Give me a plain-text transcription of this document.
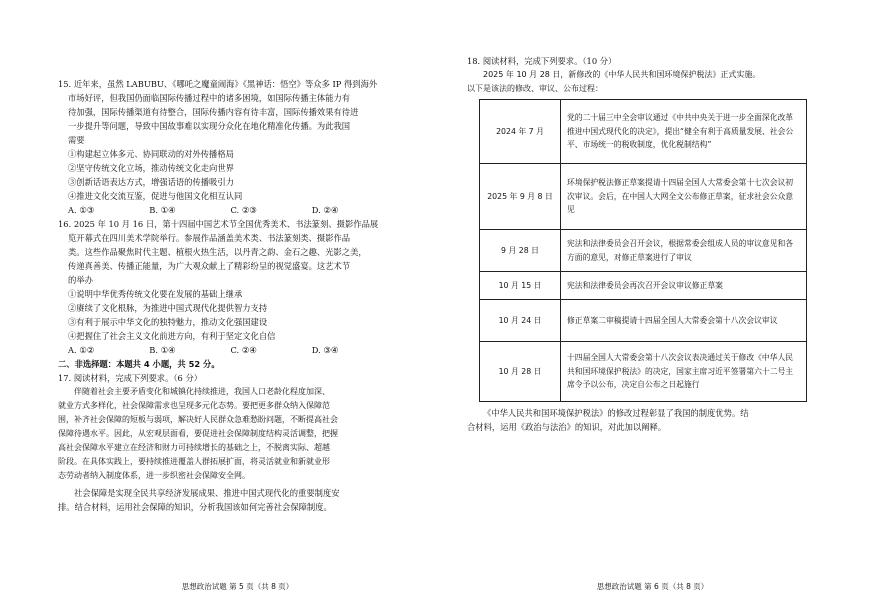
15. 近年来，虽然 LABUBU、《哪吒之魔童闹海》《黑神话：悟空》等众多 IP 得到海外
市场好评，但我国仍面临国际传播过程中的诸多困境，如国际传播主体能力有
待加强，国际传播渠道有待整合，国际传播内容有待丰富，国际传播效果有待进
一步提升等问题，导致中国故事难以实现分众化在地化精准化传播。为此我国
需要
①构建起立体多元、协同联动的对外传播格局
②坚守传统文化立场，推动传统文化走向世界
③创新话语表达方式，增强话语的传播吸引力
④推进文化交流互鉴，促进与他国文化相互认同
A. ①③	B. ①④	C. ②③	D. ②④
16. 2025 年 10 月 16 日，第十四届中国艺术节全国优秀美术、书法篆刻、摄影作品展
览开幕式在四川美术学院举行。参展作品涵盖美术类、书法篆刻类、摄影作品
类。这些作品聚焦时代主题、植根火热生活，以丹青之韵、金石之趣、光影之美，
传递真善美、传播正能量，为广大观众献上了精彩纷呈的视觉盛宴。这艺术节
的举办
①说明中华优秀传统文化要在发展的基础上继承
②赓续了文化根脉，为推进中国式现代化提供智力支持
③有利于展示中华文化的独特魅力，推动文化强国建设
④把握住了社会主义文化前进方向，有利于坚定文化自信
A. ①②	B. ①④	C. ②④	D. ③④
二、非选择题：本题共 4 小题，共 52 分。
17. 阅读材料，完成下列要求。（6 分）
伴随着社会主要矛盾变化和城镇化持续推进，我国人口老龄化程度加深、
就业方式多样化，社会保障需求也呈现多元化态势。要把更多群众纳入保障范
围，补齐社会保障的短板与弱项，解决好人民群众急难愁盼问题，不断提高社会
保障待遇水平。因此，从宏观层面看，要促进社会保障制度结构灵活调整，把握
高社会保障水平建立在经济和财力可持续增长的基础之上，不脱离实际、超越
阶段。在具体实践上，要持续推进覆盖人群拓展扩面，将灵活就业和新就业形
态劳动者纳入制度体系，进一步织密社会保障安全网。
社会保障是实现全民共享经济发展成果、推进中国式现代化的重要制度安
排。结合材料，运用社会保障的知识，分析我国该如何完善社会保障制度。
思想政治试题 第 5 页（共 8 页）
18. 阅读材料，完成下列要求。（10 分）
2025 年 10 月 28 日，新修改的《中华人民共和国环境保护税法》正式实施。
以下是该法的修改、审议、公布过程：
2024 年 7 月	党的二十届三中全会审议通过《中共中央关于进一步全面深化改革 推进中国式现代化的决定》，提出“健全有利于高质量发展、社会公平、市场统一的税收制度，优化税制结构”
2025 年 9 月 8 日	环境保护税法修正草案提请十四届全国人大常委会第十七次会议初次审议。会后，在中国人大网全文公布修正草案，征求社会公众意见
9 月 28 日	宪法和法律委员会召开会议，根据常委会组成人员的审议意见和各方面的意见，对修正草案进行了审议
10 月 15 日	宪法和法律委员会再次召开会议审议修正草案
10 月 24 日	修正草案二审稿提请十四届全国人大常委会第十八次会议审议
10 月 28 日	十四届全国人大常委会第十八次会议表决通过关于修改《中华人民共和国环境保护税法》的决定，国家主席习近平签署第六十二号主席令予以公布，决定自公布之日起施行
《中华人民共和国环境保护税法》的修改过程彰显了我国的制度优势。结
合材料，运用《政治与法治》的知识，对此加以阐释。
思想政治试题 第 6 页（共 8 页）
